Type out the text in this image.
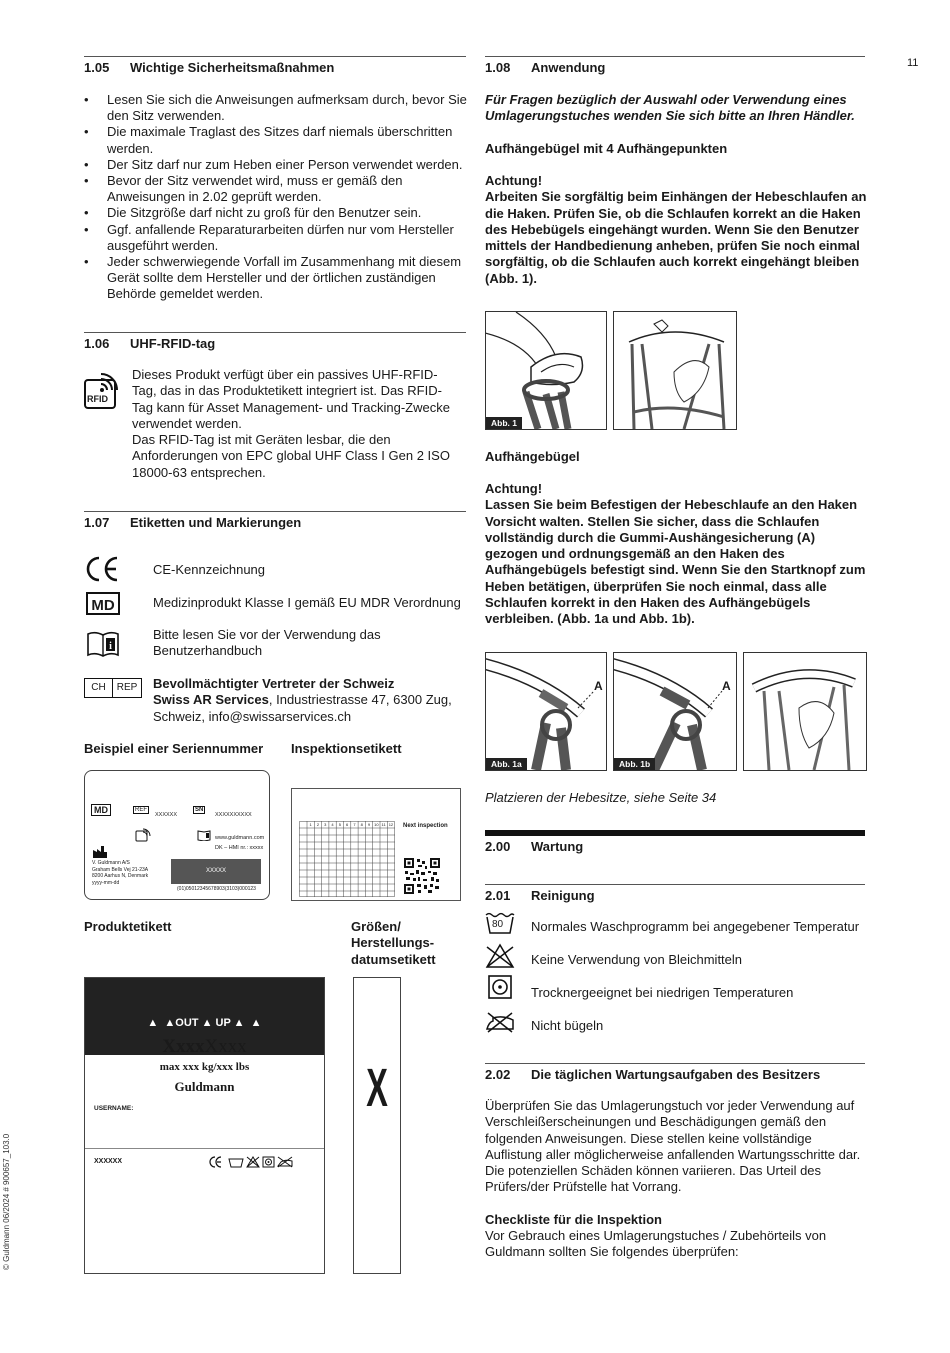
11
© Guldmann 06/2024 # 900657_103.0
1.05 Wichtige Sicherheitsmaßnahmen
• Lesen Sie sich die Anweisungen aufmerksam durch, bevor Sie den Sitz verwenden.
• Die maximale Traglast des Sitzes darf niemals überschritten werden.
• Der Sitz darf nur zum Heben einer Person verwendet werden.
• Bevor der Sitz verwendet wird, muss er gemäß den Anweisungen in 2.02 geprüft werden.
• Die Sitzgröße darf nicht zu groß für den Benutzer sein.
• Ggf. anfallende Reparaturarbeiten dürfen nur vom Hersteller ausgeführt werden.
• Jeder schwerwiegende Vorfall im Zusammenhang mit diesem Gerät sollte dem Hersteller und der örtlichen zuständigen Behörde gemeldet werden.
1.06 UHF-RFID-tag
RFID
Dieses Produkt verfügt über ein passives UHF-RFID-Tag, das in das Produktetikett integriert ist. Das RFID-Tag kann für Asset Management- und Tracking-Zwecke verwendet werden.
Das RFID-Tag ist mit Geräten lesbar, die den Anforderungen von EPC global UHF Class I Gen 2 ISO 18000-63 entsprechen.
1.07 Etiketten und Markierungen
CE-Kennzeichnung
MD	Medizinprodukt Klasse I gemäß EU MDR Verordnung
i
Bitte lesen Sie vor der Verwendung das Benutzerhandbuch
CH	REP Bevollmächtigter Vertreter der Schweiz
Swiss AR Services, Industriestrasse 47, 6300 Zug,
Schweiz, info@swissarservices.ch
Beispiel einer Seriennummer Inspektionsetikett
MD	REF
XXXXXX
SN
XXXXXXXXXX
www.guldmann.com
DK – HMI nr.: xxxxx
V. Guldmann A/S
Graham Bells Vej 21-23A
8200 Aarhus N, Denmark
yyyy-mm-dd
XXXXX
(01)05012345678903(3103)000123
1	2	3	4	5	6	7	8	9 10 11 12 Next inspection
Produktetikett	Größen/ Herstellungs-datumsetikett
▲  ▲OUT ▲ UP ▲  ▲
XxxxXxxx
max xxx kg/xxx lbs
Guldmann
USERNAME:
XXXXXX
X
1.08 Anwendung
Für Fragen bezüglich der Auswahl oder Verwendung eines Umlagerungstuches wenden Sie sich bitte an Ihren Händler.
Aufhängebügel mit 4 Aufhängepunkten
Achtung!
Arbeiten Sie sorgfältig beim Einhängen der Hebeschlaufen an die Haken. Prüfen Sie, ob die Schlaufen korrekt an die Haken des Hebebügels eingehängt wurden. Wenn Sie den Benutzer mittels der Handbedienung anheben, prüfen Sie noch einmal sorgfältig, ob die Schlaufen auch korrekt eingehängt bleiben (Abb. 1).
Abb. 1
Aufhängebügel
Achtung!
Lassen Sie beim Befestigen der Hebeschlaufe an den Haken Vorsicht walten. Stellen Sie sicher, dass die Schlaufen vollständig durch die Gummi-Aushängesicherung (A) gezogen und ordnungsgemäß an den Haken des Aufhängebügels befestigt sind. Wenn Sie den Startknopf zum Heben betätigen, überprüfen Sie noch einmal, dass alle Schlaufen korrekt in den Haken des Aufhängebügels verbleiben. (Abb. 1a und Abb. 1b).
A
Abb. 1a
A
Abb. 1b
Platzieren der Hebesitze, siehe Seite 34
2.00 Wartung
2.01 Reinigung
80 Normales Waschprogramm bei angegebener Temperatur
Keine Verwendung von Bleichmitteln
Trocknergeeignet bei niedrigen Temperaturen
Nicht bügeln
2.02 Die täglichen Wartungsaufgaben des Besitzers
Überprüfen Sie das Umlagerungstuch vor jeder Verwendung auf Verschleißerscheinungen und Beschädigungen gemäß den folgenden Anweisungen. Diese stellen keine vollständige Auflistung aller möglicherweise anfallenden Wartungsschritte dar. Die potenziellen Schäden können variieren. Das Urteil des Prüfers/der Prüfstelle hat Vorrang.
Checkliste für die Inspektion
Vor Gebrauch eines Umlagerungstuches / Zubehörteils von Guldmann sollten Sie folgendes überprüfen:
